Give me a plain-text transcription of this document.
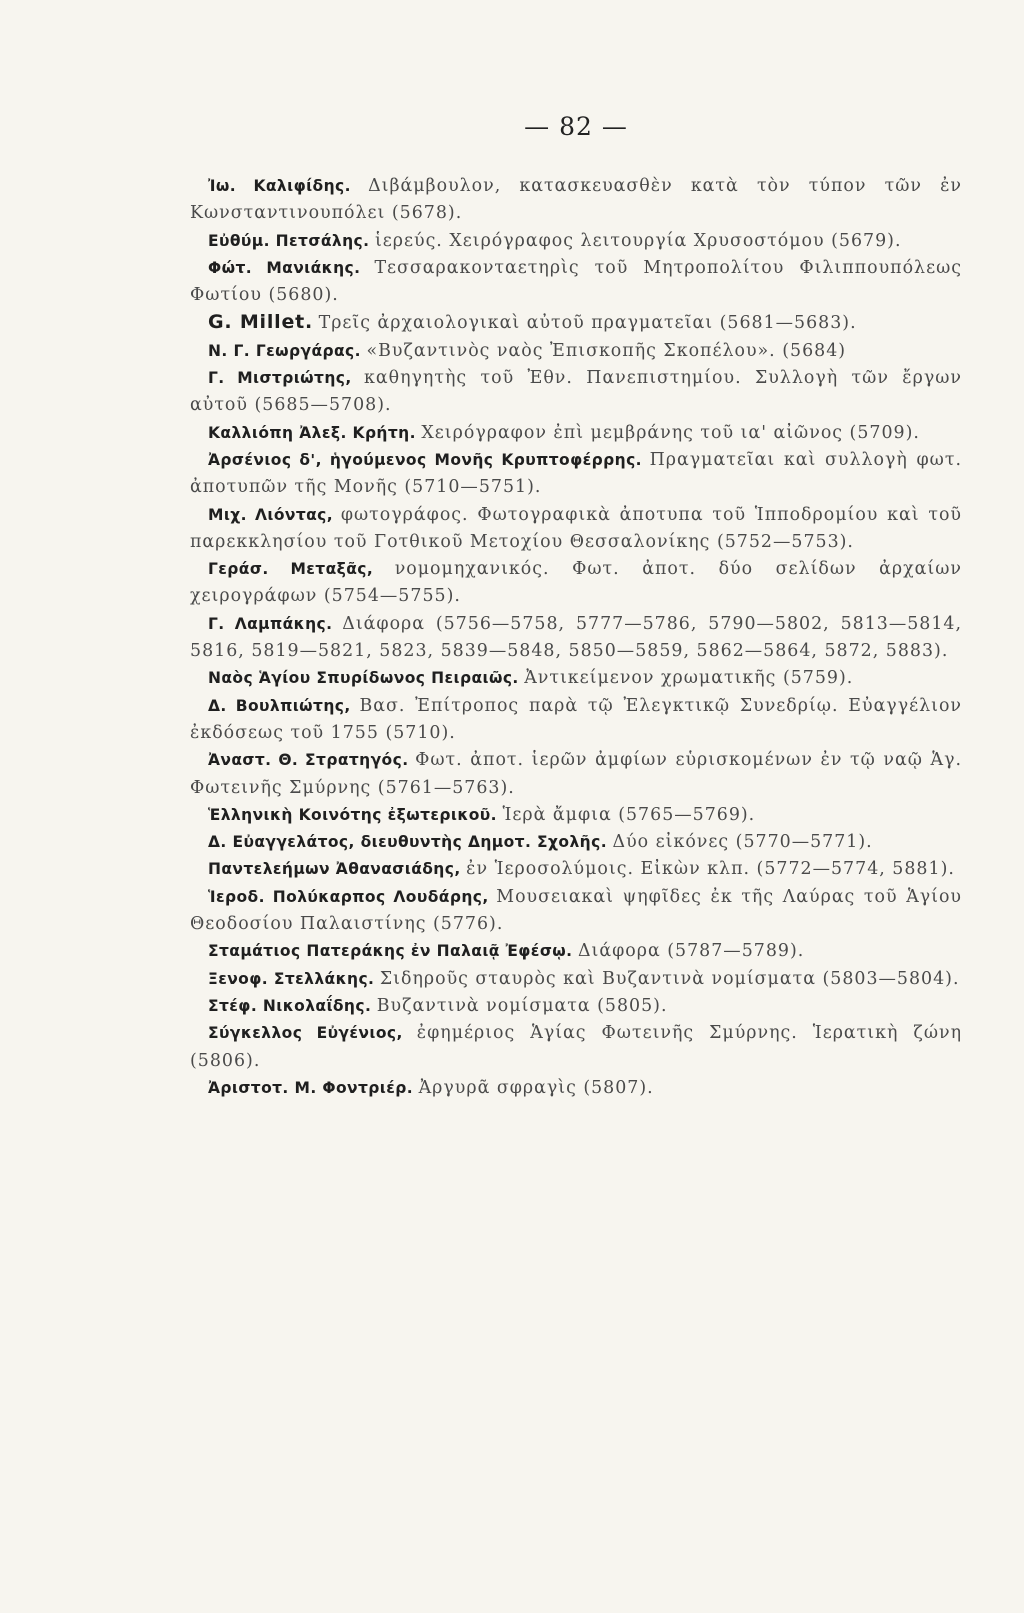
— 82 —

Ἰω. Καλιφίδης. Διβάμβουλον, κατασκευασθὲν κατὰ τὸν τύπον τῶν ἐν Κωνσταντινουπόλει (5678).

Εὐθύμ. Πετσάλης. ἱερεύς. Χειρόγραφος λειτουργία Χρυσοστόμου (5679).

Φώτ. Μανιάκης. Τεσσαρακονταετηρὶς τοῦ Μητροπολίτου Φιλιππουπόλεως Φωτίου (5680).

G. Millet. Τρεῖς ἀρχαιολογικαὶ αὐτοῦ πραγματεῖαι (5681—5683).

Ν. Γ. Γεωργάρας. «Βυζαντινὸς ναὸς Ἐπισκοπῆς Σκοπέλου». (5684)

Γ. Μιστριώτης, καθηγητὴς τοῦ Ἐθν. Πανεπιστημίου. Συλλογὴ τῶν ἔργων αὐτοῦ (5685—5708).

Καλλιόπη Ἀλεξ. Κρήτη. Χειρόγραφον ἐπὶ μεμβράνης τοῦ ια' αἰῶνος (5709).

Ἀρσένιος δ', ἡγούμενος Μονῆς Κρυπτοφέρρης. Πραγματεῖαι καὶ συλλογὴ φωτ. ἀποτυπῶν τῆς Μονῆς (5710—5751).

Μιχ. Λιόντας, φωτογράφος. Φωτογραφικὰ ἀποτυπα τοῦ Ἱπποδρομίου καὶ τοῦ παρεκκλησίου τοῦ Γοτθικοῦ Μετοχίου Θεσσαλονίκης (5752—5753).

Γεράσ. Μεταξᾶς, νομομηχανικός. Φωτ. ἀποτ. δύο σελίδων ἀρχαίων χειρογράφων (5754—5755).

Γ. Λαμπάκης. Διάφορα (5756—5758, 5777—5786, 5790—5802, 5813—5814, 5816, 5819—5821, 5823, 5839—5848, 5850—5859, 5862—5864, 5872, 5883).

Ναὸς Ἁγίου Σπυρίδωνος Πειραιῶς. Ἀντικείμενον χρωματικῆς (5759).

Δ. Βουλπιώτης, Βασ. Ἐπίτροπος παρὰ τῷ Ἐλεγκτικῷ Συνεδρίῳ. Εὐαγγέλιον ἐκδόσεως τοῦ 1755 (5710).

Ἀναστ. Θ. Στρατηγός. Φωτ. ἀποτ. ἱερῶν ἀμφίων εὑρισκομένων ἐν τῷ ναῷ Ἁγ. Φωτεινῆς Σμύρνης (5761—5763).

Ἑλληνικὴ Κοινότης ἐξωτερικοῦ. Ἱερὰ ἄμφια (5765—5769).

Δ. Εὐαγγελάτος, διευθυντὴς Δημοτ. Σχολῆς. Δύο εἰκόνες (5770—5771).

Παντελεήμων Ἀθανασιάδης, ἐν Ἱεροσολύμοις. Εἰκὼν κλπ. (5772—5774, 5881).

Ἱεροδ. Πολύκαρπος Λουδάρης, Μουσειακαὶ ψηφῖδες ἐκ τῆς Λαύρας τοῦ Ἁγίου Θεοδοσίου Παλαιστίνης (5776).

Σταμάτιος Πατεράκης ἐν Παλαιᾷ Ἐφέσῳ. Διάφορα (5787—5789).

Ξενοφ. Στελλάκης. Σιδηροῦς σταυρὸς καὶ Βυζαντινὰ νομίσματα (5803—5804).

Στέφ. Νικολαΐδης. Βυζαντινὰ νομίσματα (5805).

Σύγκελλος Εὐγένιος, ἐφημέριος Ἁγίας Φωτεινῆς Σμύρνης. Ἱερατικὴ ζώνη (5806).

Ἀριστοτ. Μ. Φοντριέρ. Ἀργυρᾶ σφραγὶς (5807).
